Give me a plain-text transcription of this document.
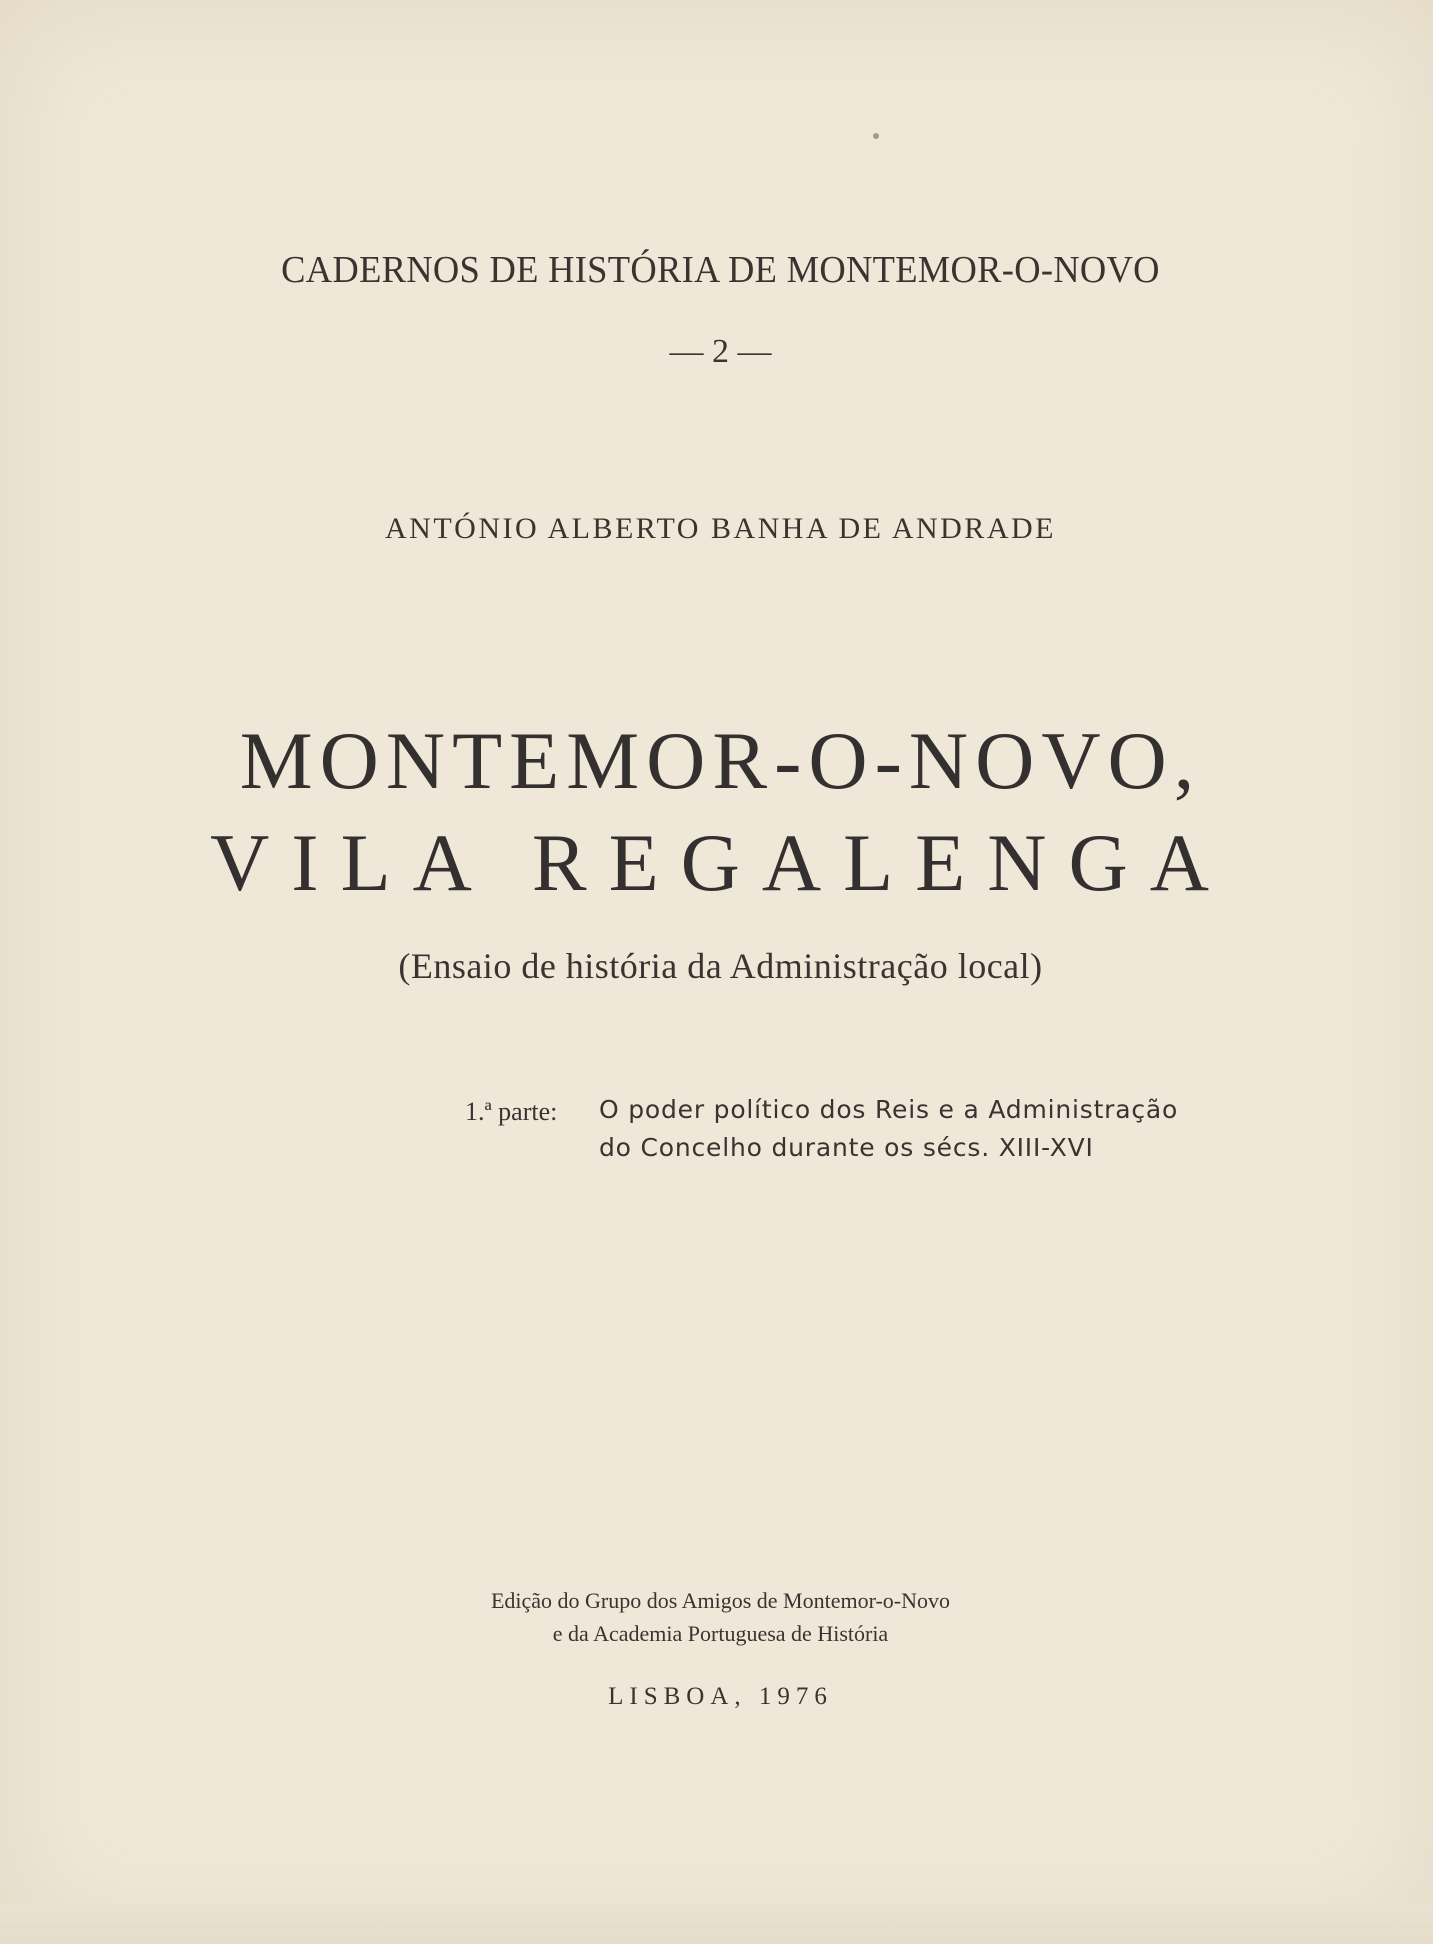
CADERNOS DE HISTÓRIA DE MONTEMOR-O-NOVO
— 2 —
ANTÓNIO ALBERTO BANHA DE ANDRADE
MONTEMOR-O-NOVO,
VILA REGALENGA
(Ensaio de história da Administração local)
1.ª parte: O poder político dos Reis e a Administração
do Concelho durante os sécs. XIII-XVI
Edição do Grupo dos Amigos de Montemor-o-Novo
e da Academia Portuguesa de História
LISBOA, 1976
